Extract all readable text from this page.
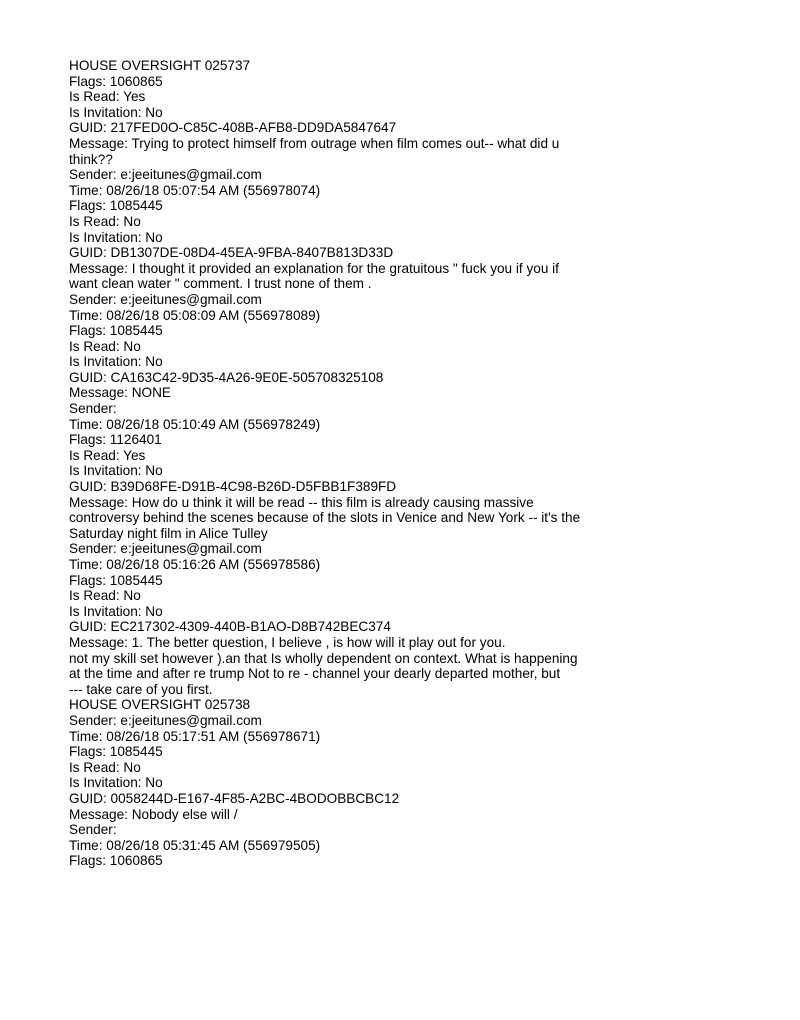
HOUSE OVERSIGHT 025737
Flags: 1060865
Is Read: Yes
Is Invitation: No
GUID: 217FED0O-C85C-408B-AFB8-DD9DA5847647
Message: Trying to protect himself from outrage when film comes out-- what did u
think??
Sender: e:jeeitunes@gmail.com
Time: 08/26/18 05:07:54 AM (556978074)
Flags: 1085445
Is Read: No
Is Invitation: No
GUID: DB1307DE-08D4-45EA-9FBA-8407B813D33D
Message: I thought it provided an explanation for the gratuitous " fuck you if you if
want clean water " comment. I trust none of them .
Sender: e:jeeitunes@gmail.com
Time: 08/26/18 05:08:09 AM (556978089)
Flags: 1085445
Is Read: No
Is Invitation: No
GUID: CA163C42-9D35-4A26-9E0E-505708325108
Message: NONE
Sender:
Time: 08/26/18 05:10:49 AM (556978249)
Flags: 1126401
Is Read: Yes
Is Invitation: No
GUID: B39D68FE-D91B-4C98-B26D-D5FBB1F389FD
Message: How do u think it will be read -- this film is already causing massive
controversy behind the scenes because of the slots in Venice and New York -- it's the
Saturday night film in Alice Tulley
Sender: e:jeeitunes@gmail.com
Time: 08/26/18 05:16:26 AM (556978586)
Flags: 1085445
Is Read: No
Is Invitation: No
GUID: EC217302-4309-440B-B1AO-D8B742BEC374
Message: 1. The better question, I believe , is how will it play out for you.
not my skill set however ).an that Is wholly dependent on context. What is happening
at the time and after re trump Not to re - channel your dearly departed mother, but
--- take care of you first.
HOUSE OVERSIGHT 025738
Sender: e:jeeitunes@gmail.com
Time: 08/26/18 05:17:51 AM (556978671)
Flags: 1085445
Is Read: No
Is Invitation: No
GUID: 0058244D-E167-4F85-A2BC-4BODOBBCBC12
Message: Nobody else will /
Sender:
Time: 08/26/18 05:31:45 AM (556979505)
Flags: 1060865
